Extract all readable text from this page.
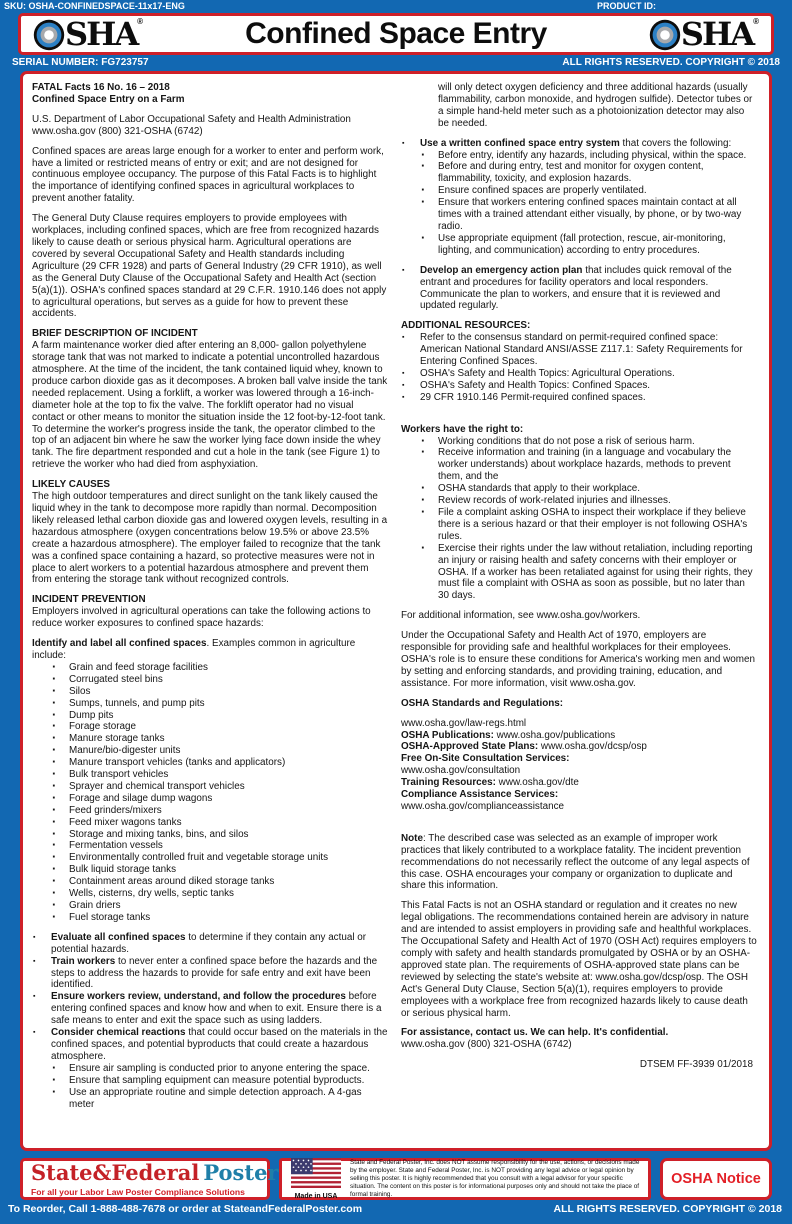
SKU: OSHA-CONFINEDSPACE-11x17-ENG	PRODUCT ID:
SHA ®	Confined Space Entry	SHA ®
SERIAL NUMBER: FG723757	ALL RIGHTS RESERVED. COPYRIGHT © 2018
FATAL Facts 16 No. 16 – 2018
Confined Space Entry on a Farm
U.S. Department of Labor Occupational Safety and Health Administration
www.osha.gov (800) 321-OSHA (6742)
Confined spaces are areas large enough for a worker to enter and perform work, have a limited or restricted means of entry or exit; and are not designed for continuous employee occupancy. The purpose of this Fatal Facts is to highlight the importance of identifying confined spaces in agricultural workplaces to prevent another fatality.
The General Duty Clause requires employers to provide employees with workplaces, including confined spaces, which are free from recognized hazards likely to cause death or serious physical harm. Agricultural operations are covered by several Occupational Safety and Health standards including Agriculture (29 CFR 1928) and parts of General Industry (29 CFR 1910), as well as the General Duty Clause of the Occupational Safety and Health Act (section 5(a)(1)). OSHA's confined spaces standard at 29 C.F.R. 1910.146 does not apply to agricultural operations, but serves as a guide for how to prevent these accidents.
BRIEF DESCRIPTION OF INCIDENT
A farm maintenance worker died after entering an 8,000- gallon polyethylene storage tank that was not marked to indicate a potential uncontrolled hazardous atmosphere. At the time of the incident, the tank contained liquid whey, known to produce carbon dioxide gas as it decomposes. A broken ball valve inside the tank needed replacement. Using a forklift, a worker was lowered through a 16-inch-diameter hole at the top to fix the valve. The forklift operator had no visual contact or other means to monitor the situation inside the 12 foot-by-12-foot tank. To determine the worker's progress inside the tank, the operator climbed to the top of an adjacent bin where he saw the worker lying face down inside the whey tank. The fire department responded and cut a hole in the tank (see Figure 1) to retrieve the worker who had died from asphyxiation.
LIKELY CAUSES
The high outdoor temperatures and direct sunlight on the tank likely caused the liquid whey in the tank to decompose more rapidly than normal. Decomposition likely released lethal carbon dioxide gas and lowered oxygen levels, resulting in a hazardous atmosphere (oxygen concentrations below 19.5% or above 23.5% create a hazardous atmosphere). The employer failed to recognize that the tank was a confined space containing a hazard, so protective measures were not in place to alert workers to a potential hazardous atmosphere and prevent them from entering the storage tank without recognized controls.
INCIDENT PREVENTION
Employers involved in agricultural operations can take the following actions to reduce worker exposures to confined space hazards:
Identify and label all confined spaces. Examples common in agriculture include:
· Grain and feed storage facilities
· Corrugated steel bins
· Silos
· Sumps, tunnels, and pump pits
· Dump pits
· Forage storage
· Manure storage tanks
· Manure/bio-digester units
· Manure transport vehicles (tanks and applicators)
· Bulk transport vehicles
· Sprayer and chemical transport vehicles
· Forage and silage dump wagons
· Feed grinders/mixers
· Feed mixer wagons tanks
· Storage and mixing tanks, bins, and silos
· Fermentation vessels
· Environmentally controlled fruit and vegetable storage units
· Bulk liquid storage tanks
· Containment areas around diked storage tanks
· Wells, cisterns, dry wells, septic tanks
· Grain driers
· Fuel storage tanks
▪ Evaluate all confined spaces to determine if they contain any actual or potential hazards.
▪ Train workers to never enter a confined space before the hazards and the steps to address the hazards to provide for safe entry and exit have been identified.
▪ Ensure workers review, understand, and follow the procedures before entering confined spaces and know how and when to exit. Ensure there is a safe means to enter and exit the space such as using ladders.
▪ Consider chemical reactions that could occur based on the materials in the confined spaces, and potential byproducts that could create a hazardous atmosphere.
· Ensure air sampling is conducted prior to anyone entering the space.
· Ensure that sampling equipment can measure potential byproducts.
· Use an appropriate routine and simple detection approach. A 4-gas meter
will only detect oxygen deficiency and three additional hazards (usually flammability, carbon monoxide, and hydrogen sulfide). Detector tubes or a simple hand-held meter such as a photoionization detector may also be needed.
▪ Use a written confined space entry system that covers the following:
· Before entry, identify any hazards, including physical, within the space.
· Before and during entry, test and monitor for oxygen content, flammability, toxicity, and explosion hazards.
· Ensure confined spaces are properly ventilated.
· Ensure that workers entering confined spaces maintain contact at all times with a trained attendant either visually, by phone, or by two-way radio.
· Use appropriate equipment (fall protection, rescue, air-monitoring, lighting, and communication) according to entry procedures.
▪ Develop an emergency action plan that includes quick removal of the entrant and procedures for facility operators and local responders. Communicate the plan to workers, and ensure that it is reviewed and updated regularly.
ADDITIONAL RESOURCES:
▪ Refer to the consensus standard on permit-required confined space: American National Standard ANSI/ASSE Z117.1: Safety Requirements for Entering Confined Spaces.
▪ OSHA's Safety and Health Topics: Agricultural Operations.
▪ OSHA's Safety and Health Topics: Confined Spaces.
▪ 29 CFR 1910.146 Permit-required confined spaces.
Workers have the right to:
· Working conditions that do not pose a risk of serious harm.
· Receive information and training (in a language and vocabulary the worker understands) about workplace hazards, methods to prevent them, and the
· OSHA standards that apply to their workplace.
· Review records of work-related injuries and illnesses.
· File a complaint asking OSHA to inspect their workplace if they believe there is a serious hazard or that their employer is not following OSHA's rules.
· Exercise their rights under the law without retaliation, including reporting an injury or raising health and safety concerns with their employer or OSHA. If a worker has been retaliated against for using their rights, they must file a complaint with OSHA as soon as possible, but no later than 30 days.
For additional information, see www.osha.gov/workers.
Under the Occupational Safety and Health Act of 1970, employers are responsible for providing safe and healthful workplaces for their employees. OSHA's role is to ensure these conditions for America's working men and women by setting and enforcing standards, and providing training, education, and assistance. For more information, visit www.osha.gov.
OSHA Standards and Regulations:
www.osha.gov/law-regs.html
OSHA Publications: www.osha.gov/publications
OSHA-Approved State Plans: www.osha.gov/dcsp/osp
Free On-Site Consultation Services:
www.osha.gov/consultation
Training Resources: www.osha.gov/dte
Compliance Assistance Services:
www.osha.gov/complianceassistance
Note: The described case was selected as an example of improper work practices that likely contributed to a workplace fatality. The incident prevention recommendations do not necessarily reflect the outcome of any legal aspects of this case. OSHA encourages your company or organization to duplicate and share this information.
This Fatal Facts is not an OSHA standard or regulation and it creates no new legal obligations. The recommendations contained herein are advisory in nature and are intended to assist employers in providing safe and healthful workplaces. The Occupational Safety and Health Act of 1970 (OSH Act) requires employers to comply with safety and health standards promulgated by OSHA or by an OSHA-approved state plan. The requirements of OSHA-approved state plans can be reviewed by selecting the state's website at: www.osha.gov/dcsp/osp. The OSH Act's General Duty Clause, Section 5(a)(1), requires employers to provide employees with a workplace free from recognized hazards likely to cause death or serious physical harm.
For assistance, contact us. We can help. It's confidential.
www.osha.gov (800) 321-OSHA (6742)
DTSEM FF-3939 01/2018
State&Federal Poster
For all your Labor Law Poster Compliance Solutions	Made in USA
State and Federal Poster, Inc. does NOT assume responsibility for the use, actions, or decisions made by the employer. State and Federal Poster, Inc. is NOT providing any legal advice or legal opinion by selling this poster. It is highly recommended that you consult with a legal advisor for your specific situation. The content on this poster is for informational purposes only and should not take the place of formal training.
OSHA Notice
To Reorder, Call 1-888-488-7678 or order at StateandFederalPoster.com	ALL RIGHTS RESERVED. COPYRIGHT © 2018
